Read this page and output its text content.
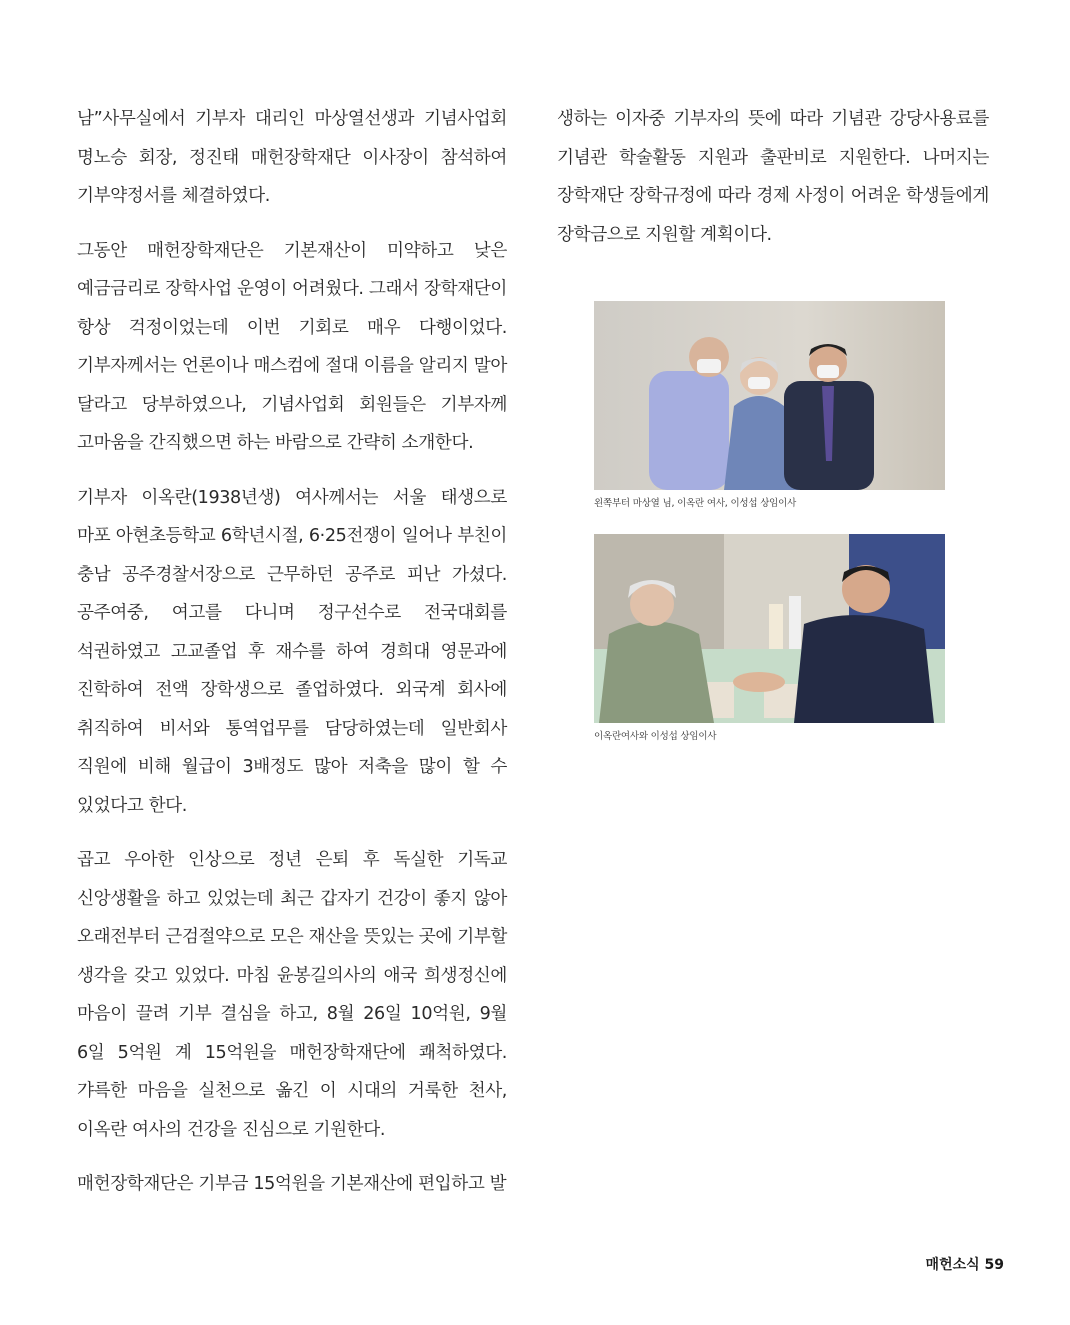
남”사무실에서 기부자 대리인 마상열선생과 기념사업회 명노승 회장, 정진태 매헌장학재단 이사장이 참석하여 기부약정서를 체결하였다.

그동안 매헌장학재단은 기본재산이 미약하고 낮은 예금금리로 장학사업 운영이 어려웠다. 그래서 장학재단이 항상 걱정이었는데 이번 기회로 매우 다행이었다. 기부자께서는 언론이나 매스컴에 절대 이름을 알리지 말아 달라고 당부하였으나, 기념사업회 회원들은 기부자께 고마움을 간직했으면 하는 바람으로 간략히 소개한다.

기부자 이옥란(1938년생) 여사께서는 서울 태생으로 마포 아현초등학교 6학년시절, 6·25전쟁이 일어나 부친이 충남 공주경찰서장으로 근무하던 공주로 피난 가셨다. 공주여중, 여고를 다니며 정구선수로 전국대회를 석권하였고 고교졸업 후 재수를 하여 경희대 영문과에 진학하여 전액 장학생으로 졸업하였다. 외국계 회사에 취직하여 비서와 통역업무를 담당하였는데 일반회사 직원에 비해 월급이 3배정도 많아 저축을 많이 할 수 있었다고 한다.

곱고 우아한 인상으로 정년 은퇴 후 독실한 기독교 신앙생활을 하고 있었는데 최근 갑자기 건강이 좋지 않아 오래전부터 근검절약으로 모은 재산을 뜻있는 곳에 기부할 생각을 갖고 있었다. 마침 윤봉길의사의 애국 희생정신에 마음이 끌려 기부 결심을 하고, 8월 26일 10억원, 9월 6일 5억원 계 15억원을 매헌장학재단에 쾌척하였다. 갸륵한 마음을 실천으로 옮긴 이 시대의 거룩한 천사, 이옥란 여사의 건강을 진심으로 기원한다.

매헌장학재단은 기부금 15억원을 기본재산에 편입하고 발

생하는 이자중 기부자의 뜻에 따라 기념관 강당사용료를 기념관 학술활동 지원과 출판비로 지원한다. 나머지는 장학재단 장학규정에 따라 경제 사정이 어려운 학생들에게 장학금으로 지원할 계획이다.

왼쪽부터 마상열 님, 이옥란 여사, 이성섭 상임이사
이옥란여사와 이성섭 상임이사
매헌소식 59
